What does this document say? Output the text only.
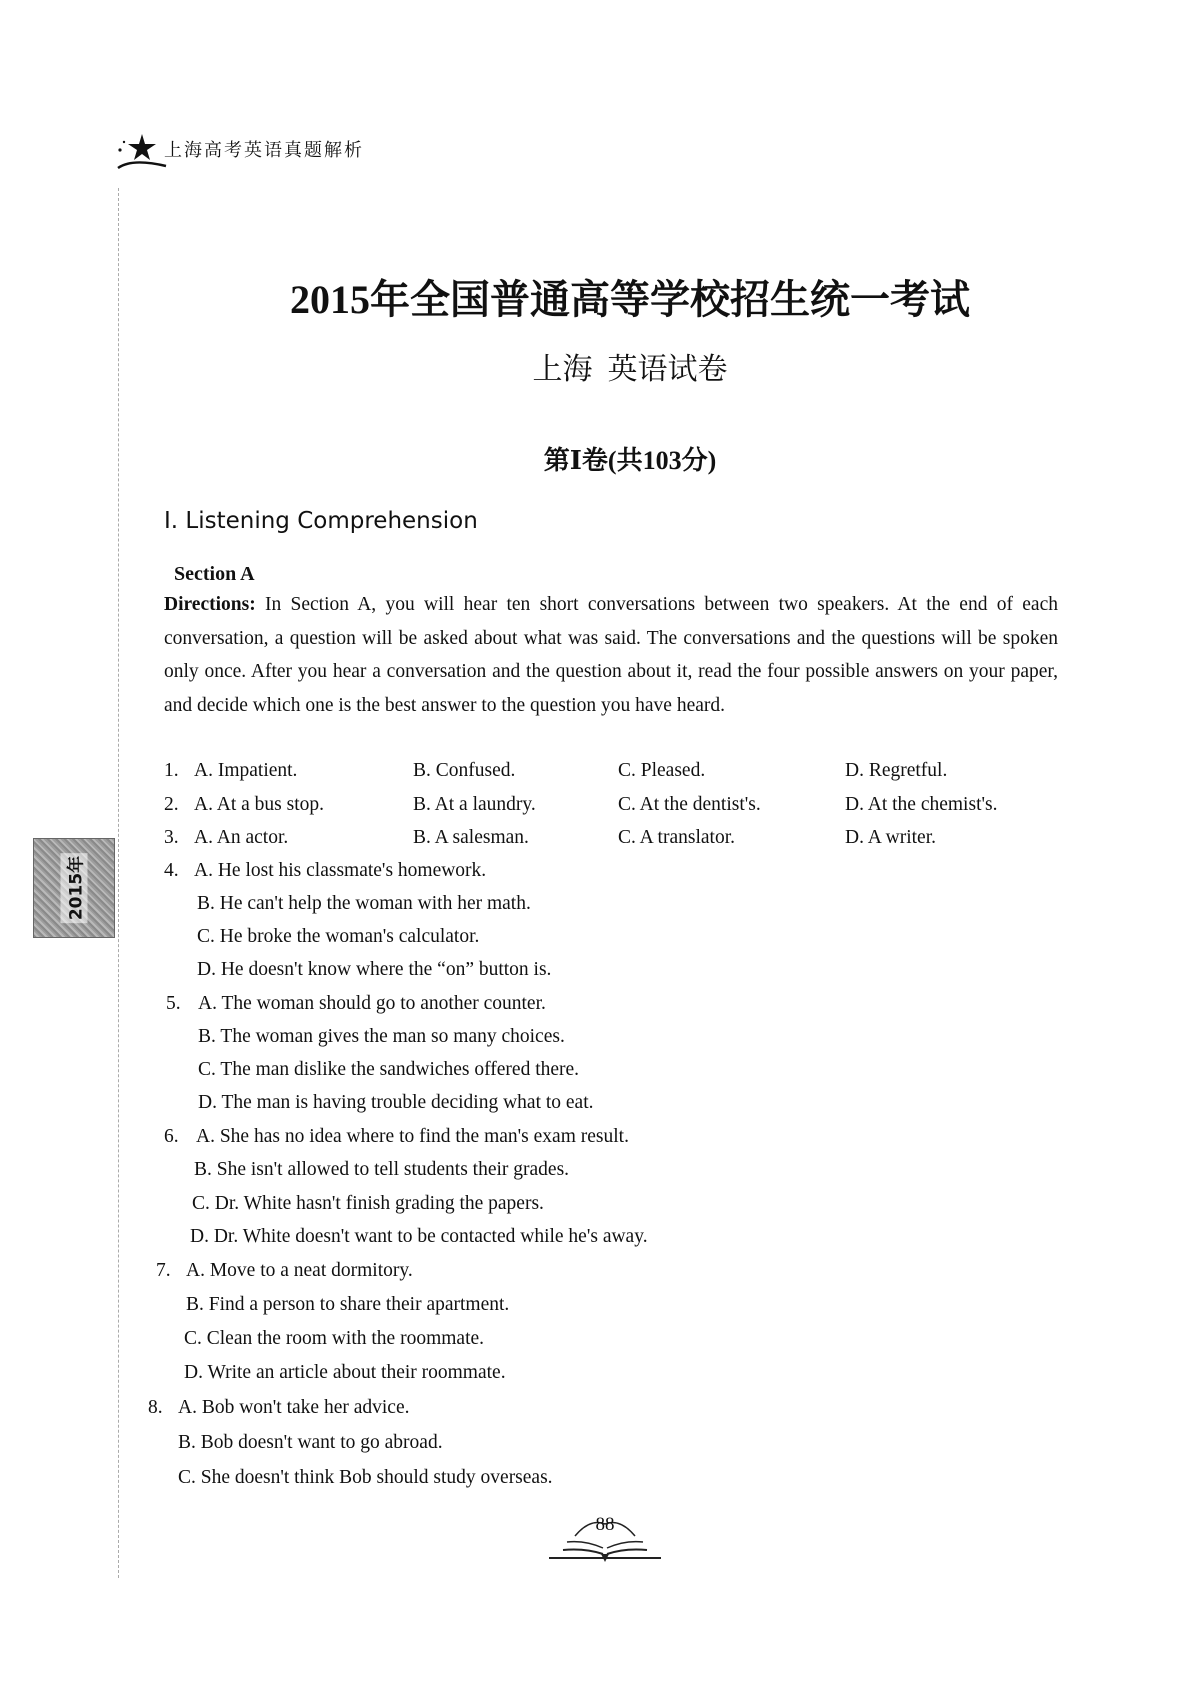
上海高考英语真题解析
2015年
2015年全国普通高等学校招生统一考试
上海  英语试卷
第Ⅰ卷(共103分)
I. Listening Comprehension
Section A
Directions: In Section A, you will hear ten short conversations between two speakers. At the end of each conversation, a question will be asked about what was said. The conversations and the questions will be spoken only once. After you hear a conversation and the question about it, read the four possible answers on your paper, and decide which one is the best answer to the question you have heard.
1. A. Impatient.	B. Confused.	C. Pleased.	D. Regretful.
2. A. At a bus stop.	B. At a laundry.	C. At the dentist's.	D. At the chemist's.
3. A. An actor.	B. A salesman.	C. A translator.	D. A writer.
4. A. He lost his classmate's homework.
B. He can't help the woman with her math.
C. He broke the woman's calculator.
D. He doesn't know where the “on” button is.
5. A. The woman should go to another counter.
B. The woman gives the man so many choices.
C. The man dislike the sandwiches offered there.
D. The man is having trouble deciding what to eat.
6. A. She has no idea where to find the man's exam result.
B. She isn't allowed to tell students their grades.
C. Dr. White hasn't finish grading the papers.
D. Dr. White doesn't want to be contacted while he's away.
7. A. Move to a neat dormitory.
B. Find a person to share their apartment.
C. Clean the room with the roommate.
D. Write an article about their roommate.
8. A. Bob won't take her advice.
B. Bob doesn't want to go abroad.
C. She doesn't think Bob should study overseas.
88
